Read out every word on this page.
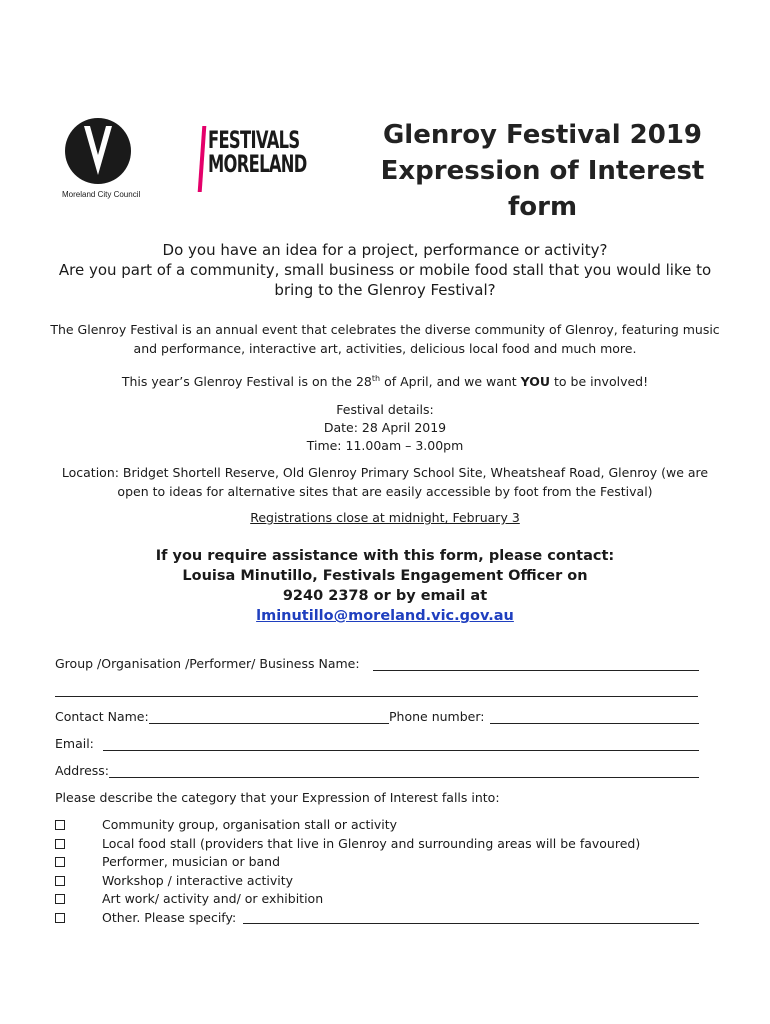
Moreland City Council
FESTIVALS
MORELAND
Glenroy Festival 2019
Expression of Interest
form
Do you have an idea for a project, performance or activity?
Are you part of a community, small business or mobile food stall that you would like to bring to the Glenroy Festival?
The Glenroy Festival is an annual event that celebrates the diverse community of Glenroy, featuring music and performance, interactive art, activities, delicious local food and much more.
This year’s Glenroy Festival is on the 28th of April, and we want YOU to be involved!
Festival details:
Date: 28 April 2019
Time: 11.00am – 3.00pm
Location: Bridget Shortell Reserve, Old Glenroy Primary School Site, Wheatsheaf Road, Glenroy (we are open to ideas for alternative sites that are easily accessible by foot from the Festival)
Registrations close at midnight, February 3
If you require assistance with this form, please contact:
Louisa Minutillo, Festivals Engagement Officer on
9240 2378 or by email at
lminutillo@moreland.vic.gov.au
Group /Organisation /Performer/ Business Name:
Contact Name:	Phone number:
Email:
Address:
Please describe the category that your Expression of Interest falls into:
Community group, organisation stall or activity
Local food stall (providers that live in Glenroy and surrounding areas will be favoured)
Performer, musician or band
Workshop / interactive activity
Art work/ activity and/ or exhibition
Other. Please specify:
